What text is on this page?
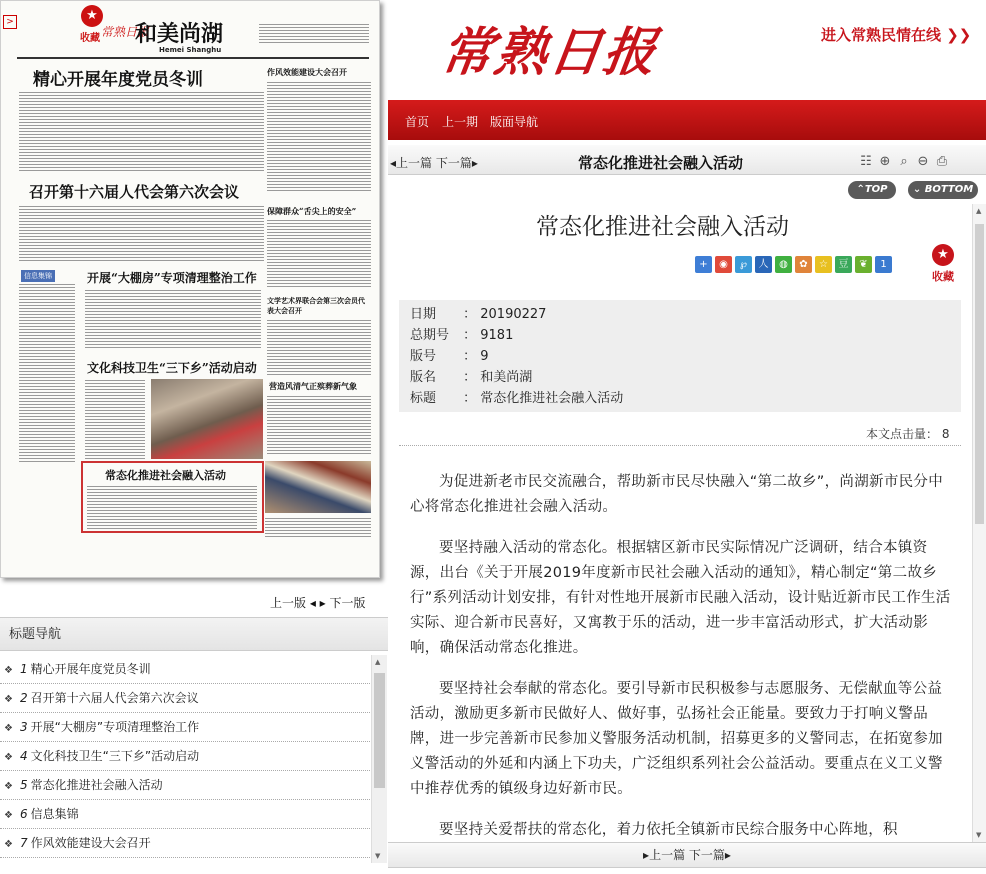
>	★
收藏 常熟日报
和美尚湖
Hemei Shanghu
精心开展年度党员冬训
召开第十六届人代会第六次会议
信息集锦	开展“大棚房”专项清理整治工作
文化科技卫生“三下乡”活动启动
常态化推进社会融入活动
作风效能建设大会召开
保障群众“舌尖上的安全”
文学艺术界联合会第三次会员代表大会召开
营造风清气正殡葬新气象
上一版 ◂ ▸ 下一版
标题导航
❖ 1 精心开展年度党员冬训
❖ 2 召开第十六届人代会第六次会议
❖ 3 开展“大棚房”专项清理整治工作
❖ 4 文化科技卫生“三下乡”活动启动
❖ 5 常态化推进社会融入活动
❖ 6 信息集锦
❖ 7 作风效能建设大会召开
▲
▼
常熟日报	进入常熟民情在线 ❯❯
首页 上一期 版面导航
◂上一篇 下一篇▸	常态化推进社会融入活动	☷ ⊕ ⌕ ⊖ ⎙
⌃TOP	⌄ BOTTOM
常态化推进社会融入活动
+ ◉ ℘ 人 ◍ ✿ ☆ 豆 ❦ 1
★
收藏
日期 ： 20190227
总期号 ： 9181
版号 ： 9
版名 ： 和美尚湖
标题 ： 常态化推进社会融入活动
本文点击量： 8

为促进新老市民交流融合，帮助新市民尽快融入“第二故乡”，尚湖新市民分中心将常态化推进社会融入活动。

要坚持融入活动的常态化。根据辖区新市民实际情况广泛调研，结合本镇资源，出台《关于开展2019年度新市民社会融入活动的通知》，精心制定“第二故乡行”系列活动计划安排，有针对性地开展新市民融入活动，设计贴近新市民工作生活实际、迎合新市民喜好，又寓教于乐的活动，进一步丰富活动形式，扩大活动影响，确保活动常态化推进。

要坚持社会奉献的常态化。要引导新市民积极参与志愿服务、无偿献血等公益活动，激励更多新市民做好人、做好事，弘扬社会正能量。要致力于打响义警品牌，进一步完善新市民参加义警服务活动机制，招募更多的义警同志，在拓宽参加义警活动的外延和内涵上下功夫，广泛组织系列社会公益活动。要重点在义工义警中推荐优秀的镇级身边好新市民。

要坚持关爱帮扶的常态化，着力依托全镇新市民综合服务中心阵地，积

▲
▼
▸上一篇 下一篇▸
